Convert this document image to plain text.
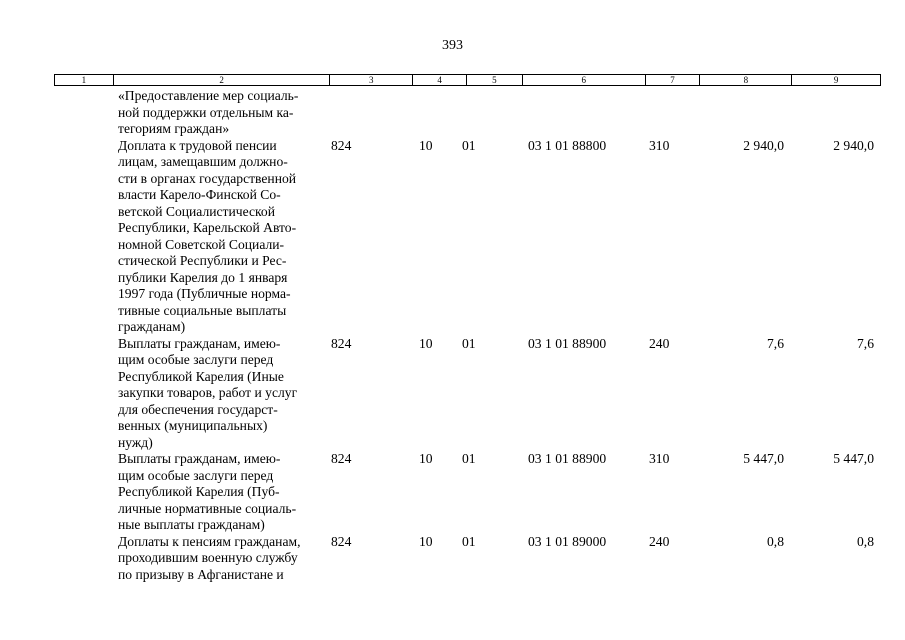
393
1	2	3	4	5	6	7	8	9
«Предоставление мер социаль-
ной поддержки отдельным ка-
тегориям граждан»
Доплата к трудовой пенсии
лицам, замещавшим должно-
сти в органах государственной
власти Карело-Финской Со-
ветской Социалистической
Республики, Карельской Авто-
номной Советской Социали-
стической Республики и Рес-
публики Карелия до 1 января
1997 года (Публичные норма-
тивные социальные выплаты
гражданам)
824	10 01	03 1 01 88800	310	2 940,0	2 940,0
Выплаты гражданам, имею-
щим особые заслуги перед
Республикой Карелия (Иные
закупки товаров, работ и услуг
для обеспечения государст-
венных (муниципальных)
нужд)
824	10 01	03 1 01 88900	240	7,6	7,6
Выплаты гражданам, имею-
щим особые заслуги перед
Республикой Карелия (Пуб-
личные нормативные социаль-
ные выплаты гражданам)
824	10 01	03 1 01 88900	310	5 447,0	5 447,0
Доплаты к пенсиям гражданам,
проходившим военную службу
по призыву в Афганистане и
824	10 01	03 1 01 89000	240	0,8	0,8
